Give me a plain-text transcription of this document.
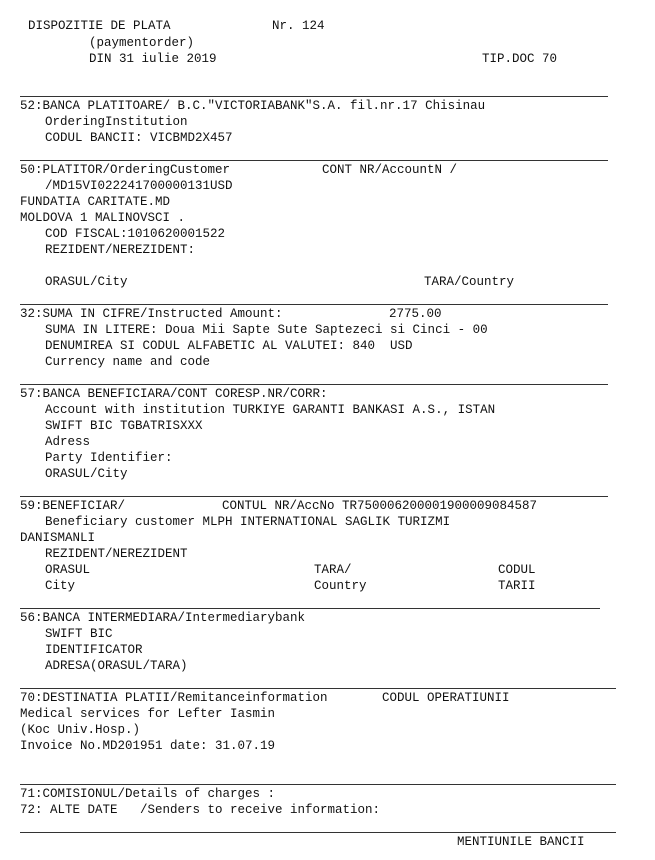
DISPOZITIE DE PLATA	Nr. 124
(paymentorder)
DIN 31 iulie 2019	TIP.DOC 70
52:BANCA PLATITOARE/ B.C."VICTORIABANK"S.A. fil.nr.17 Chisinau
OrderingInstitution
CODUL BANCII: VICBMD2X457
50:PLATITOR/OrderingCustomer	CONT NR/AccountN /
/MD15VI022241700000131USD
FUNDATIA CARITATE.MD
MOLDOVA 1 MALINOVSCI .
COD FISCAL:1010620001522
REZIDENT/NEREZIDENT:
ORASUL/City	TARA/Country
32:SUMA IN CIFRE/Instructed Amount:	2775.00
SUMA IN LITERE: Doua Mii Sapte Sute Saptezeci si Cinci - 00
DENUMIREA SI CODUL ALFABETIC AL VALUTEI: 840  USD
Currency name and code
57:BANCA BENEFICIARA/CONT CORESP.NR/CORR:
Account with institution TURKIYE GARANTI BANKASI A.S., ISTAN
SWIFT BIC TGBATRISXXX
Adress
Party Identifier:
ORASUL/City
59:BENEFICIAR/	CONTUL NR/AccNo TR750006200001900009084587
Beneficiary customer MLPH INTERNATIONAL SAGLIK TURIZMI
DANISMANLI
REZIDENT/NEREZIDENT
ORASUL	TARA/	CODUL
City	Country	TARII
56:BANCA INTERMEDIARA/Intermediarybank
SWIFT BIC
IDENTIFICATOR
ADRESA(ORASUL/TARA)
70:DESTINATIA PLATII/Remitanceinformation	CODUL OPERATIUNII
Medical services for Lefter Iasmin
(Koc Univ.Hosp.)
Invoice No.MD201951 date: 31.07.19
71:COMISIONUL/Details of charges :
72: ALTE DATE   /Senders to receive information:
MENTIUNILE BANCII
